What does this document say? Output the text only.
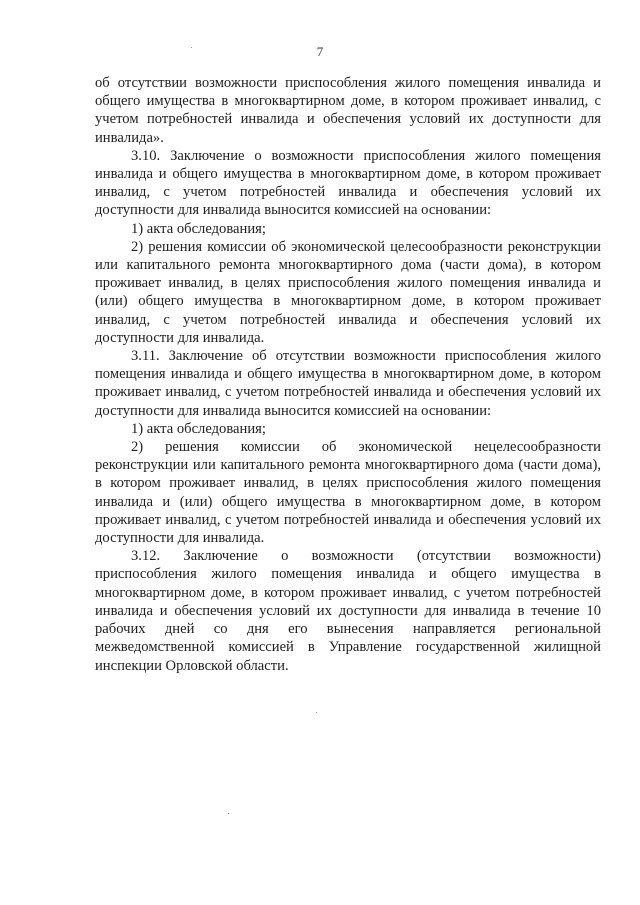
7

об отсутствии возможности приспособления жилого помещения инвалида и общего имущества в многоквартирном доме, в котором проживает инвалид, с учетом потребностей инвалида и обеспечения условий их доступности для инвалида».

3.10. Заключение о возможности приспособления жилого помещения инвалида и общего имущества в многоквартирном доме, в котором проживает инвалид, с учетом потребностей инвалида и обеспечения условий их доступности для инвалида выносится комиссией на основании:

1) акта обследования;

2) решения комиссии об экономической целесообразности реконструкции или капитального ремонта многоквартирного дома (части дома), в котором проживает инвалид, в целях приспособления жилого помещения инвалида и (или) общего имущества в многоквартирном доме, в котором проживает инвалид, с учетом потребностей инвалида и обеспечения условий их доступности для инвалида.

3.11. Заключение об отсутствии возможности приспособления жилого помещения инвалида и общего имущества в многоквартирном доме, в котором проживает инвалид, с учетом потребностей инвалида и обеспечения условий их доступности для инвалида выносится комиссией на основании:

1) акта обследования;

2) решения комиссии об экономической нецелесообразности реконструкции или капитального ремонта многоквартирного дома (части дома), в котором проживает инвалид, в целях приспособления жилого помещения инвалида и (или) общего имущества в многоквартирном доме, в котором проживает инвалид, с учетом потребностей инвалида и обеспечения условий их доступности для инвалида.

3.12. Заключение о возможности (отсутствии возможности) приспособления жилого помещения инвалида и общего имущества в многоквартирном доме, в котором проживает инвалид, с учетом потребностей инвалида и обеспечения условий их доступности для инвалида в течение 10 рабочих дней со дня его вынесения направляется региональной межведомственной комиссией в Управление государственной жилищной инспекции Орловской области.
